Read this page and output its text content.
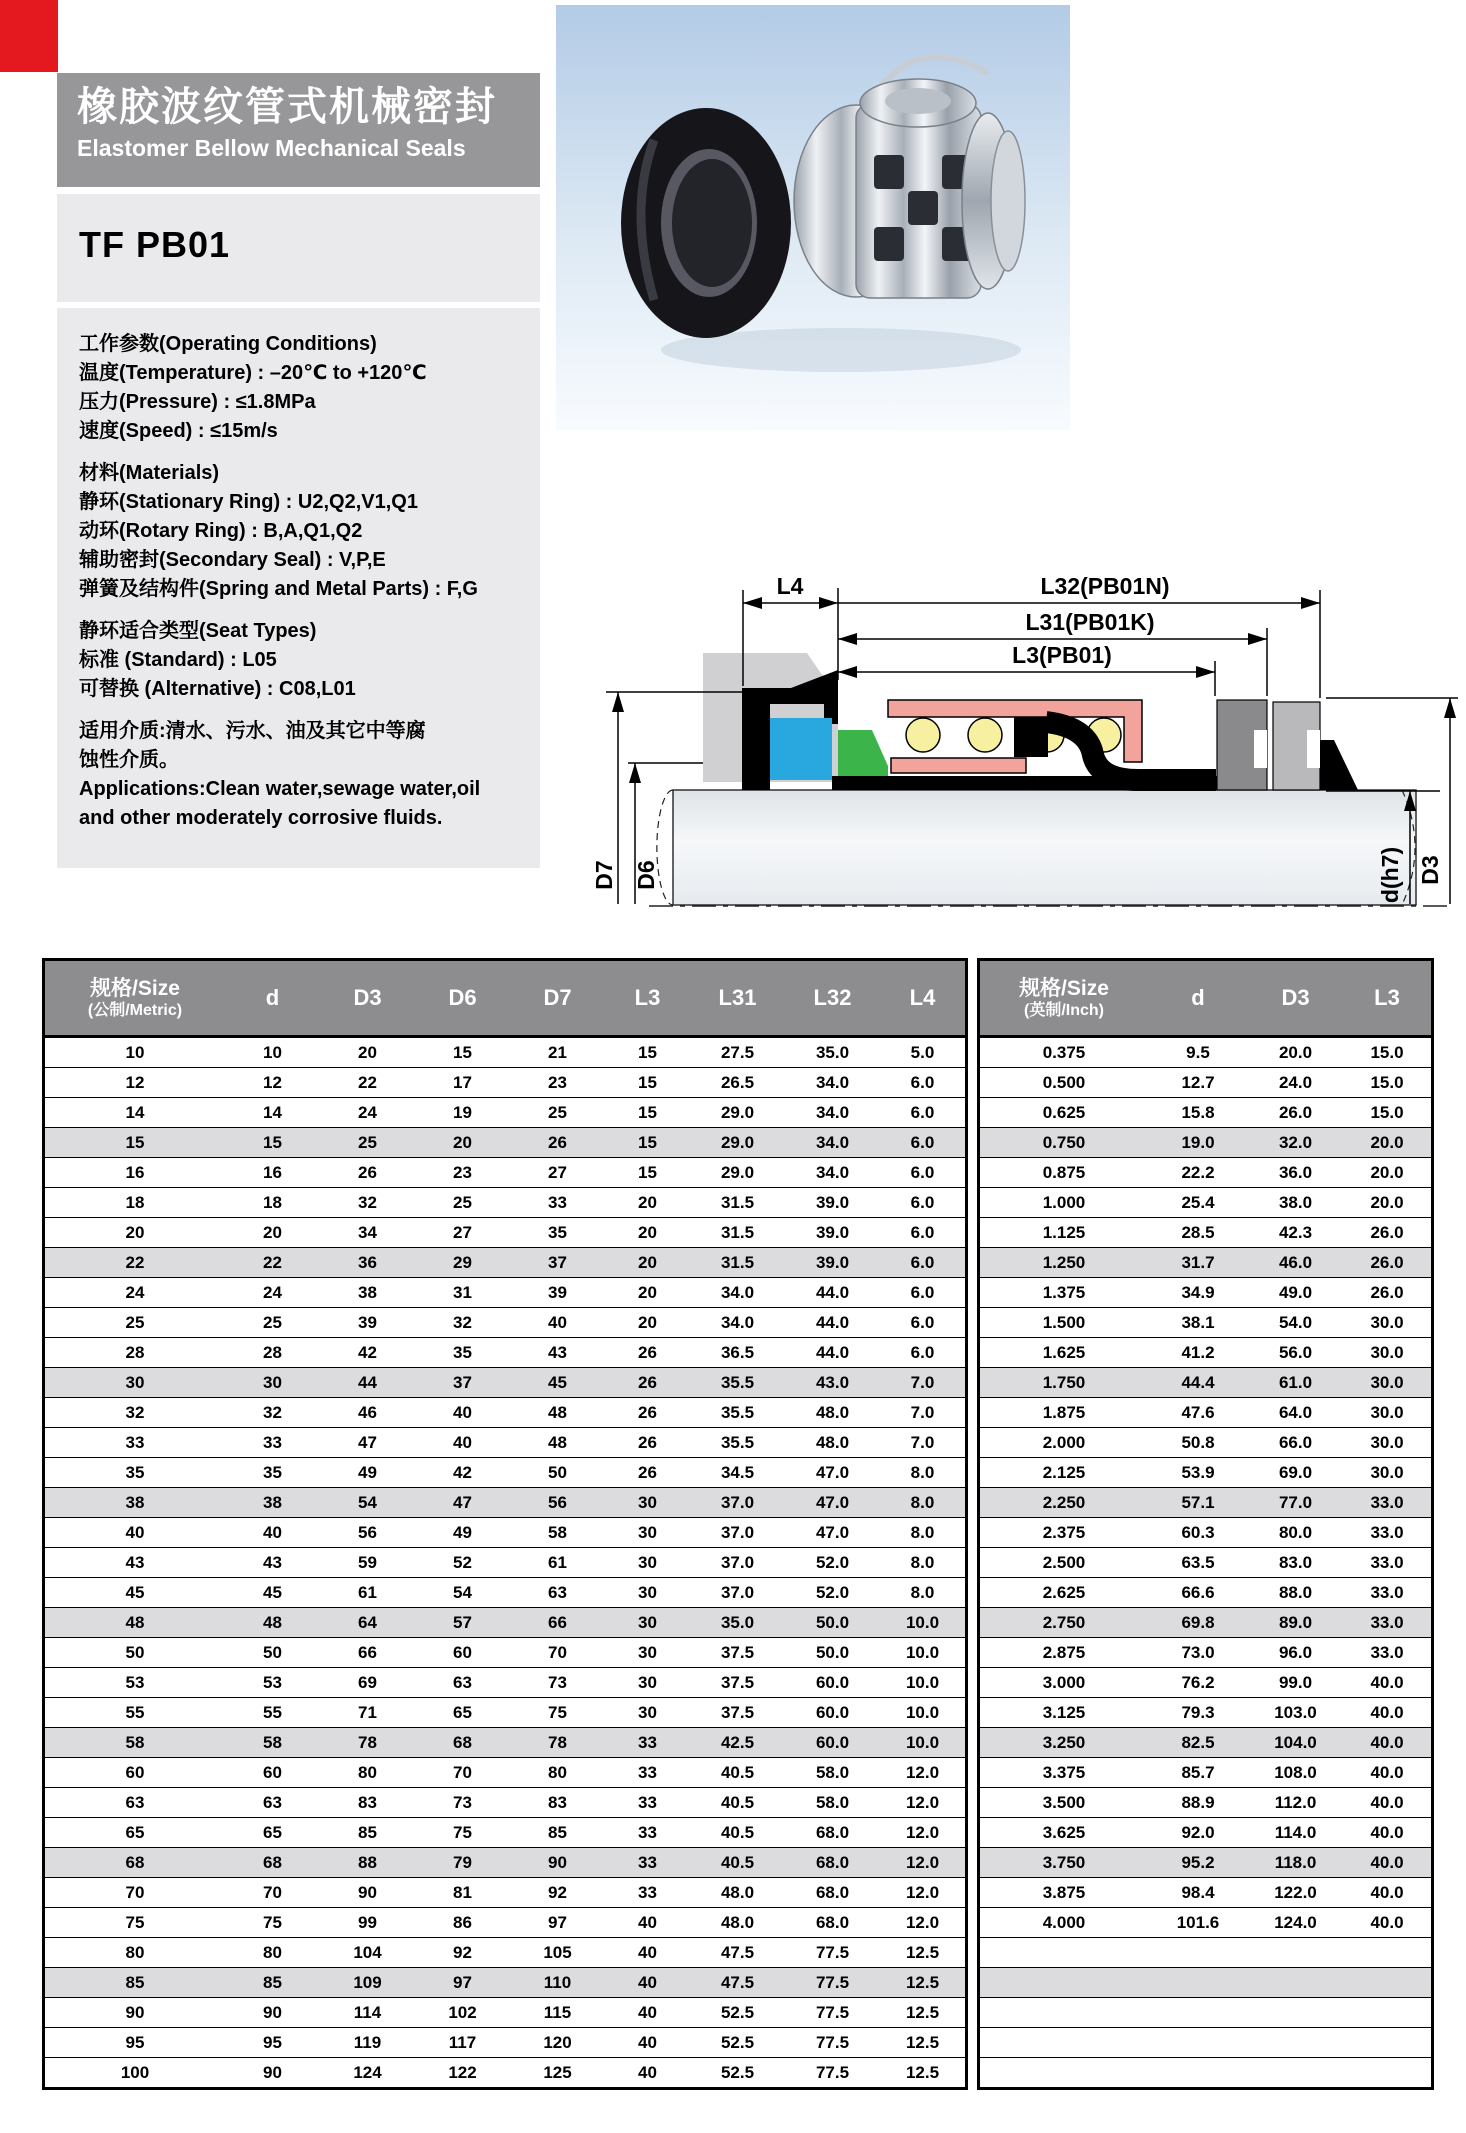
橡胶波纹管式机械密封
Elastomer Bellow Mechanical Seals
TF PB01
工作参数(Operating Conditions)
温度(Temperature) : –20℃ to +120℃
压力(Pressure) : ≤1.8MPa
速度(Speed) : ≤15m/s
材料(Materials)
静环(Stationary Ring) : U2,Q2,V1,Q1
动环(Rotary Ring) : B,A,Q1,Q2
辅助密封(Secondary Seal) : V,P,E
弹簧及结构件(Spring and Metal Parts) : F,G
静环适合类型(Seat Types)
标准 (Standard) : L05
可替换 (Alternative) : C08,L01
适用介质:清水、污水、油及其它中等腐
蚀性介质。
Applications:Clean water,sewage water,oil
and other moderately corrosive fluids.
L4	L32(PB01N)
L31(PB01K)
L3(PB01)
D7 D6	d(h7) D3
规格/Size
(公制/Metric)	d	D3	D6	D7	L3	L31	L32	L4
10	10	20	15	21	15	27.5	35.0	5.0
12	12	22	17	23	15	26.5	34.0	6.0
14	14	24	19	25	15	29.0	34.0	6.0
15	15	25	20	26	15	29.0	34.0	6.0
16	16	26	23	27	15	29.0	34.0	6.0
18	18	32	25	33	20	31.5	39.0	6.0
20	20	34	27	35	20	31.5	39.0	6.0
22	22	36	29	37	20	31.5	39.0	6.0
24	24	38	31	39	20	34.0	44.0	6.0
25	25	39	32	40	20	34.0	44.0	6.0
28	28	42	35	43	26	36.5	44.0	6.0
30	30	44	37	45	26	35.5	43.0	7.0
32	32	46	40	48	26	35.5	48.0	7.0
33	33	47	40	48	26	35.5	48.0	7.0
35	35	49	42	50	26	34.5	47.0	8.0
38	38	54	47	56	30	37.0	47.0	8.0
40	40	56	49	58	30	37.0	47.0	8.0
43	43	59	52	61	30	37.0	52.0	8.0
45	45	61	54	63	30	37.0	52.0	8.0
48	48	64	57	66	30	35.0	50.0	10.0
50	50	66	60	70	30	37.5	50.0	10.0
53	53	69	63	73	30	37.5	60.0	10.0
55	55	71	65	75	30	37.5	60.0	10.0
58	58	78	68	78	33	42.5	60.0	10.0
60	60	80	70	80	33	40.5	58.0	12.0
63	63	83	73	83	33	40.5	58.0	12.0
65	65	85	75	85	33	40.5	68.0	12.0
68	68	88	79	90	33	40.5	68.0	12.0
70	70	90	81	92	33	48.0	68.0	12.0
75	75	99	86	97	40	48.0	68.0	12.0
80	80	104	92	105	40	47.5	77.5	12.5
85	85	109	97	110	40	47.5	77.5	12.5
90	90	114	102	115	40	52.5	77.5	12.5
95	95	119	117	120	40	52.5	77.5	12.5
100	90	124	122	125	40	52.5	77.5	12.5
规格/Size
(英制/Inch)	d	D3	L3
0.375	9.5	20.0	15.0
0.500	12.7	24.0	15.0
0.625	15.8	26.0	15.0
0.750	19.0	32.0	20.0
0.875	22.2	36.0	20.0
1.000	25.4	38.0	20.0
1.125	28.5	42.3	26.0
1.250	31.7	46.0	26.0
1.375	34.9	49.0	26.0
1.500	38.1	54.0	30.0
1.625	41.2	56.0	30.0
1.750	44.4	61.0	30.0
1.875	47.6	64.0	30.0
2.000	50.8	66.0	30.0
2.125	53.9	69.0	30.0
2.250	57.1	77.0	33.0
2.375	60.3	80.0	33.0
2.500	63.5	83.0	33.0
2.625	66.6	88.0	33.0
2.750	69.8	89.0	33.0
2.875	73.0	96.0	33.0
3.000	76.2	99.0	40.0
3.125	79.3	103.0	40.0
3.250	82.5	104.0	40.0
3.375	85.7	108.0	40.0
3.500	88.9	112.0	40.0
3.625	92.0	114.0	40.0
3.750	95.2	118.0	40.0
3.875	98.4	122.0	40.0
4.000	101.6	124.0	40.0
